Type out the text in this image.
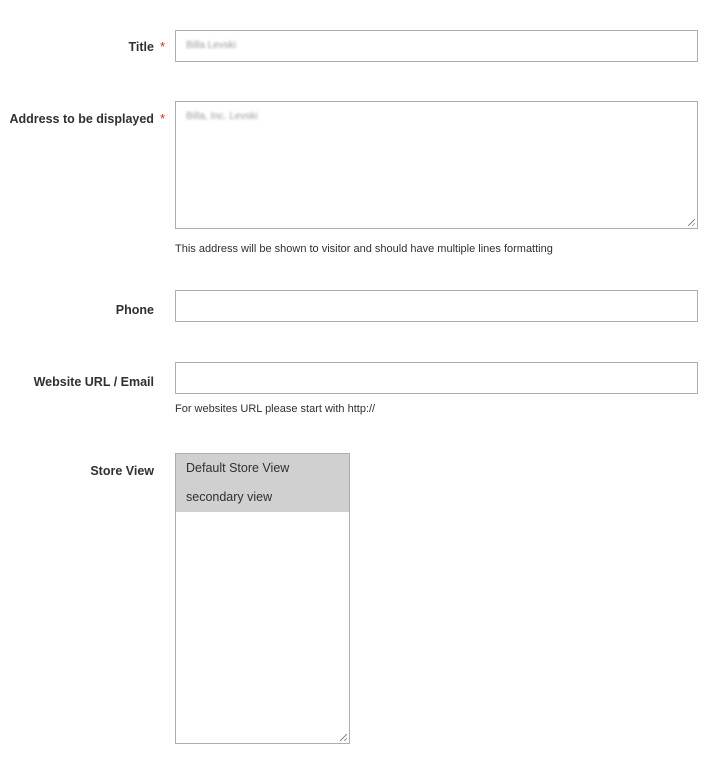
Title *	Billa Levski
Address to be displayed *	Billa, Inc. Levski
This address will be shown to visitor and should have multiple lines formatting
Phone
Website URL / Email
For websites URL please start with http://
Store View	Default Store View
secondary view
